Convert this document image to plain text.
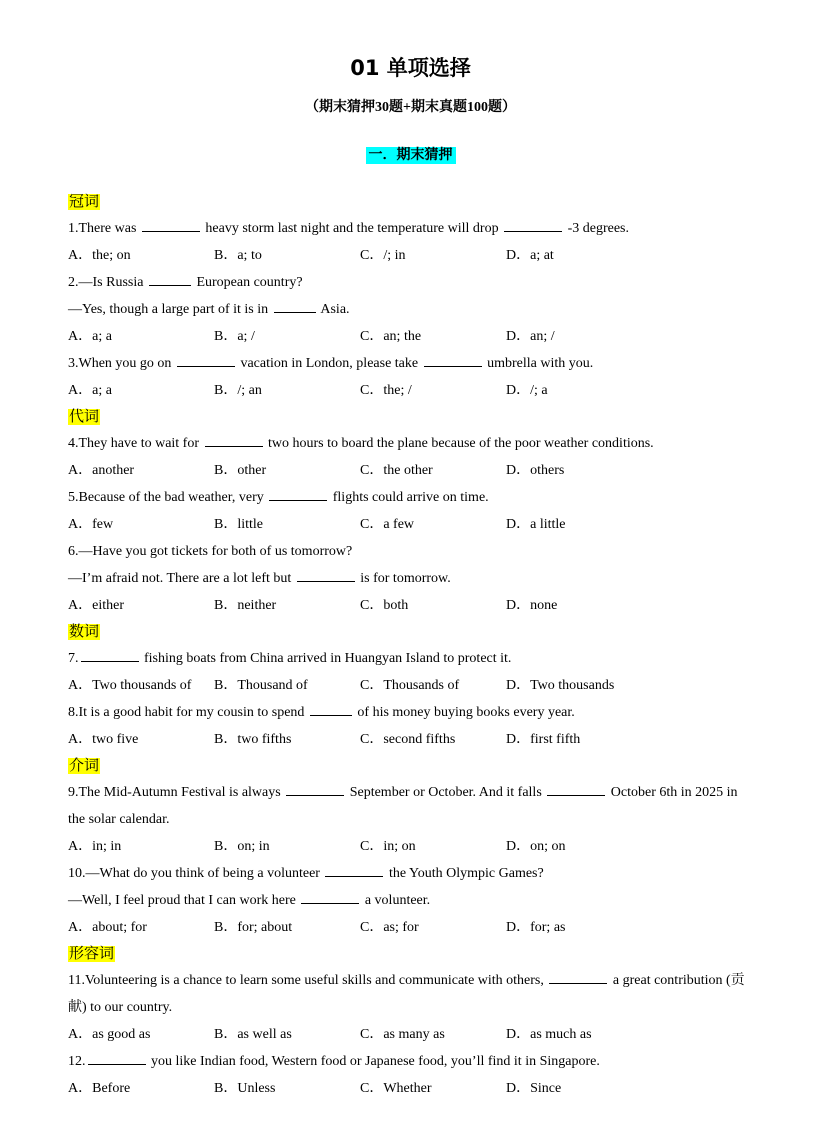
01 单项选择
（期末猜押30题+期末真题100题）
一．期末猜押
冠词
1.There was	heavy storm last night and the temperature will drop	-3 degrees.
A．the; on	B．a; to	C．/; in	D．a; at
2.—Is Russia	European country?
—Yes, though a large part of it is in	Asia.
A．a; a	B．a; /	C．an; the	D．an; /
3.When you go on	vacation in London, please take	umbrella with you.
A．a; a	B．/; an	C．the; /	D．/; a
代词
4.They have to wait for	two hours to board the plane because of the poor weather conditions.
A．another	B．other	C．the other	D．others
5.Because of the bad weather, very	flights could arrive on time.
A．few	B．little	C．a few	D．a little
6.—Have you got tickets for both of us tomorrow?
—I’m afraid not. There are a lot left but	is for tomorrow.
A．either	B．neither	C．both	D．none
数词
7.	fishing boats from China arrived in Huangyan Island to protect it.
A．Two thousands of	B．Thousand of	C．Thousands of	D．Two thousands
8.It is a good habit for my cousin to spend	of his money buying books every year.
A．two five	B．two fifths	C．second fifths	D．first fifth
介词
9.The Mid-Autumn Festival is always	September or October. And it falls	October 6th in 2025 in the solar calendar.
A．in; in	B．on; in	C．in; on	D．on; on
10.—What do you think of being a volunteer	the Youth Olympic Games?
—Well, I feel proud that I can work here	a volunteer.
A．about; for	B．for; about	C．as; for	D．for; as
形容词
11.Volunteering is a chance to learn some useful skills and communicate with others,	a great contribution (贡献) to our country.
A．as good as	B．as well as	C．as many as	D．as much as
12.	you like Indian food, Western food or Japanese food, you’ll find it in Singapore.
A．Before	B．Unless	C．Whether	D．Since
